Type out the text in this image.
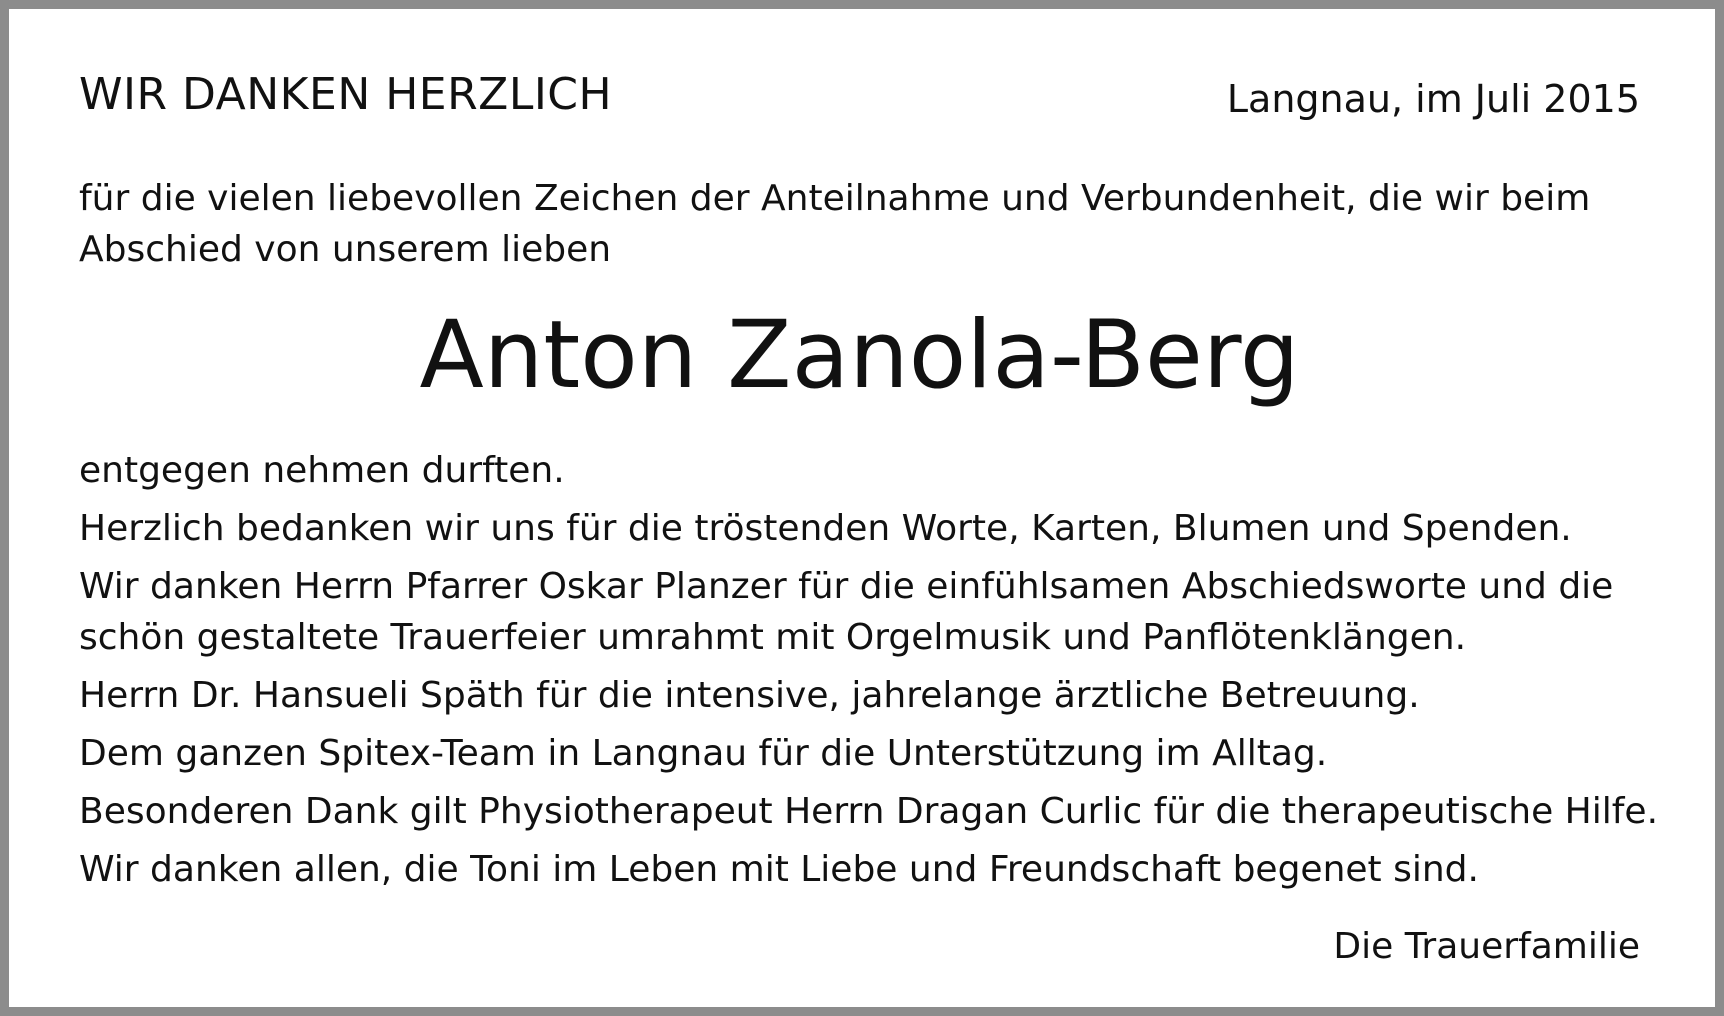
WIR DANKEN HERZLICH	Langnau, im Juli 2015
für die vielen liebevollen Zeichen der Anteilnahme und Verbundenheit, die wir beim Abschied von unserem lieben
Anton Zanola-Berg

entgegen nehmen durften.

Herzlich bedanken wir uns für die tröstenden Worte, Karten, Blumen und Spenden.

Wir danken Herrn Pfarrer Oskar Planzer für die einfühlsamen Abschiedsworte und die schön gestaltete Trauerfeier umrahmt mit Orgelmusik und Panflötenklängen.

Herrn Dr. Hansueli Späth für die intensive, jahrelange ärztliche Betreuung.

Dem ganzen Spitex-Team in Langnau für die Unterstützung im Alltag.

Besonderen Dank gilt Physiotherapeut Herrn Dragan Curlic für die therapeutische Hilfe.

Wir danken allen, die Toni im Leben mit Liebe und Freundschaft begenet sind.

Die Trauerfamilie
